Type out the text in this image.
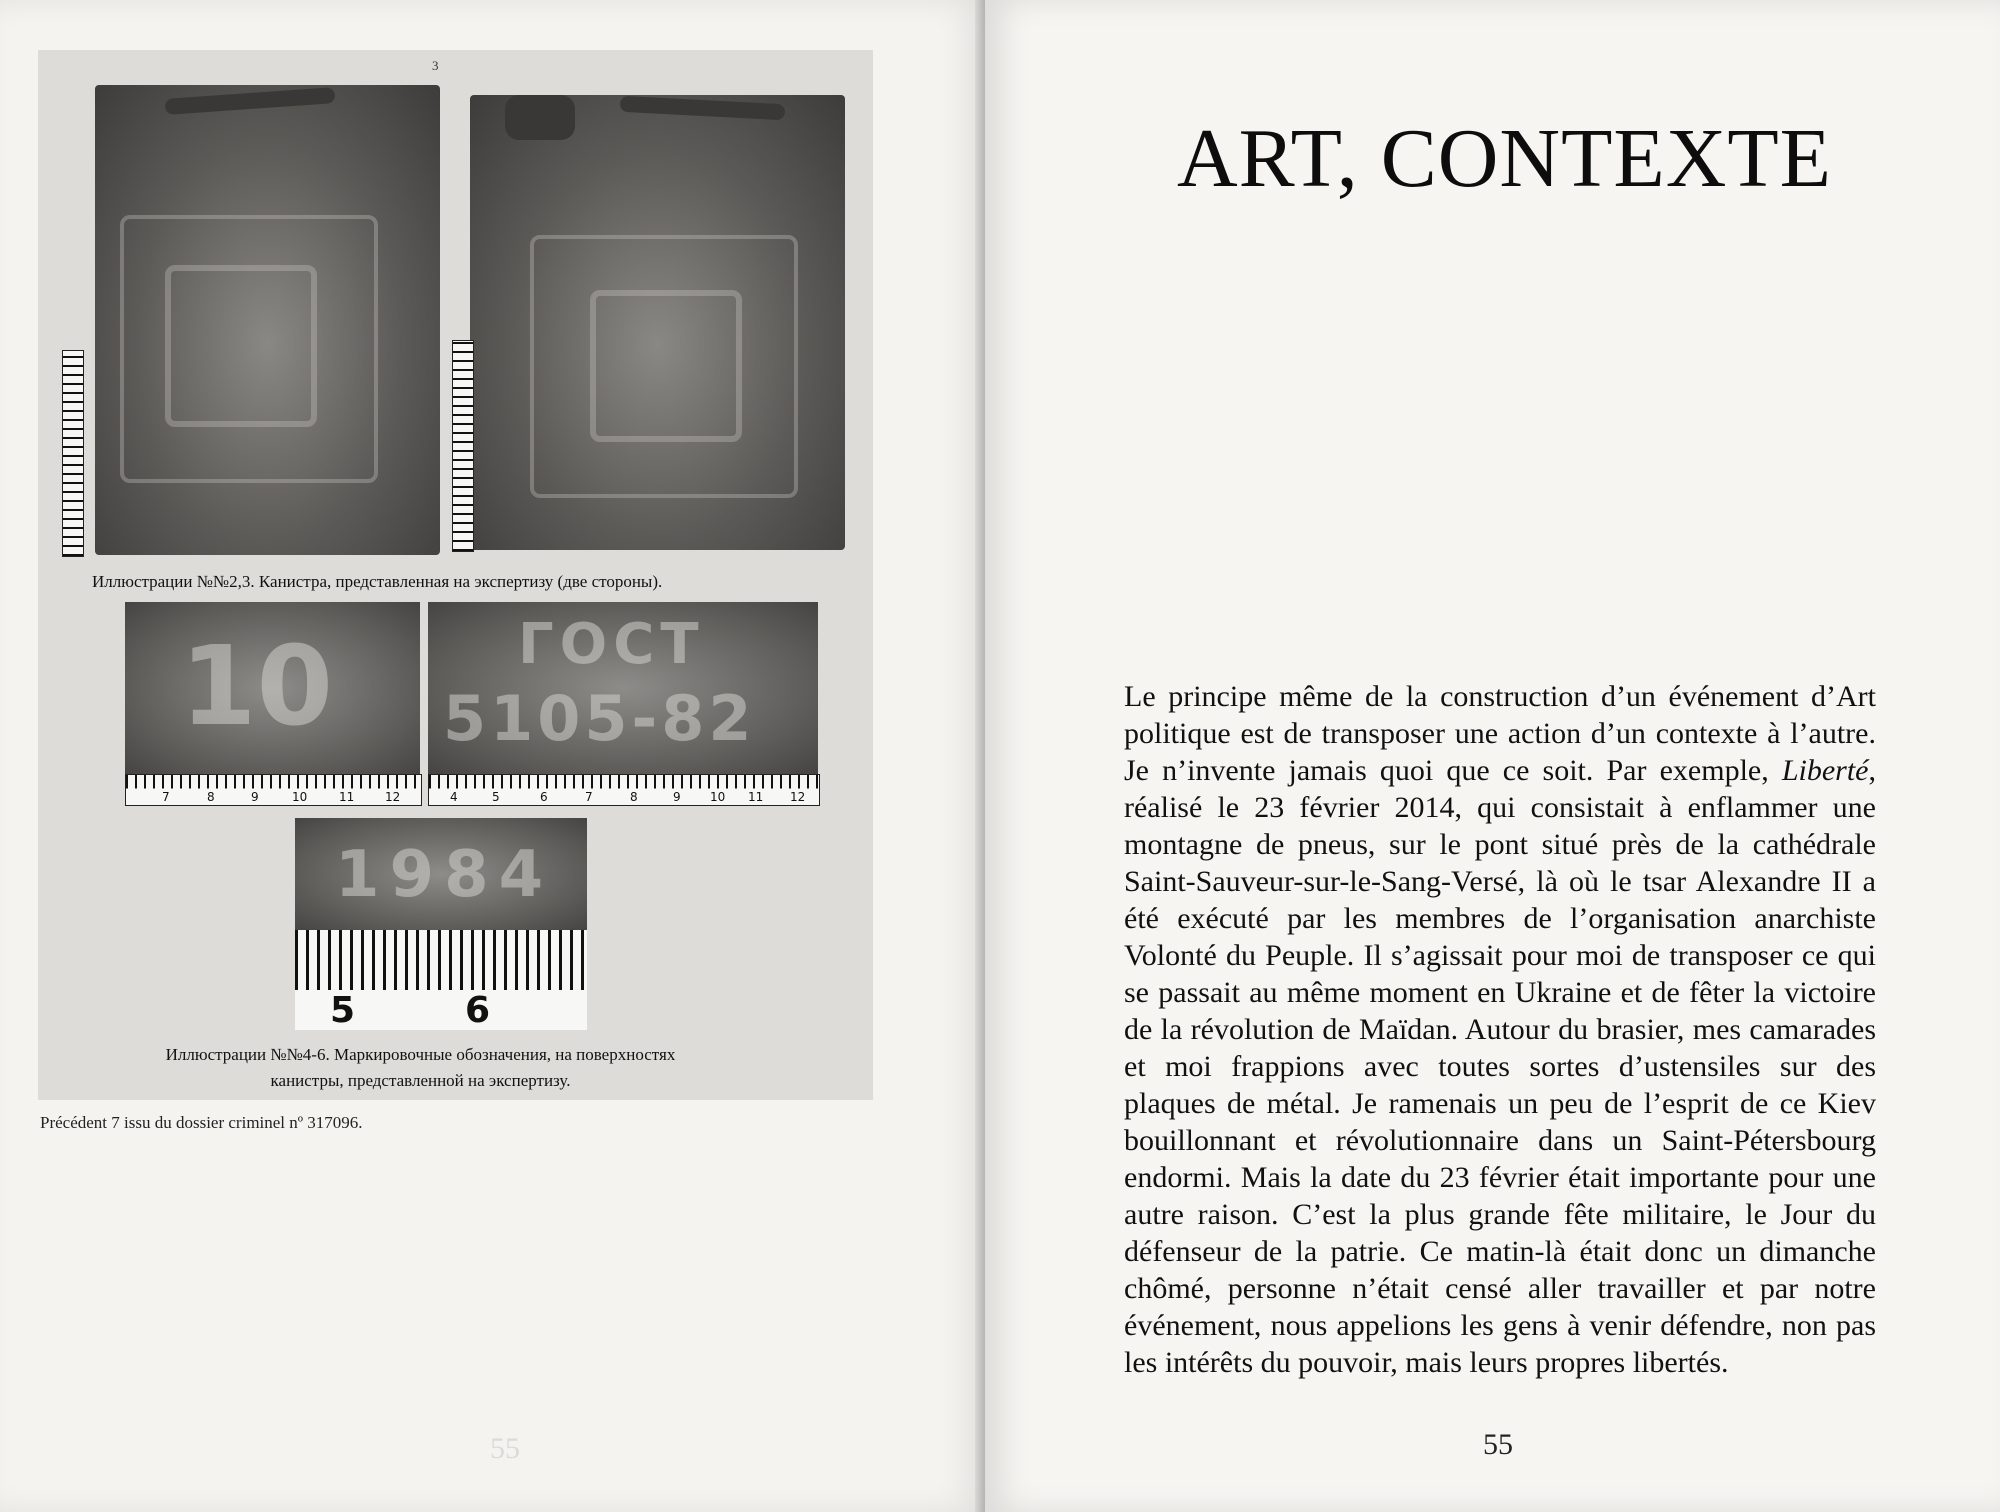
3
Иллюстрации №№2,3. Канистра, представленная на экспертизу (две стороны).
10	ГОСТ
5105-82
7	8	9	10	11	12	4	5	6	7	8	9 10 11 12
1984
5	6
Иллюстрации №№4-6. Маркировочные обозначения, на поверхностях
канистры, представленной на экспертизу.
Précédent 7 issu du dossier criminel nº 317096.
55
ART, CONTEXTE
Le principe même de la construction d’un événement d’Art politique est de transposer une action d’un contexte à l’autre. Je n’invente jamais quoi que ce soit. Par exemple, Liberté, réalisé le 23 février 2014, qui consistait à enflammer une montagne de pneus, sur le pont situé près de la cathédrale Saint-Sauveur-sur-le-Sang-Versé, là où le tsar Alexandre II a été exécuté par les membres de l’organisation anarchiste Volonté du Peuple. Il s’agissait pour moi de transposer ce qui se passait au même moment en Ukraine et de fêter la victoire de la révolution de Maïdan. Autour du brasier, mes camarades et moi frappions avec toutes sortes d’ustensiles sur des plaques de métal. Je ramenais un peu de l’esprit de ce Kiev bouillonnant et révolutionnaire dans un Saint-Pétersbourg endormi. Mais la date du 23 février était importante pour une autre raison. C’est la plus grande fête militaire, le Jour du défenseur de la patrie. Ce matin-là était donc un dimanche chômé, personne n’était censé aller travailler et par notre événement, nous appelions les gens à venir défendre, non pas les intérêts du pouvoir, mais leurs propres libertés.
55
